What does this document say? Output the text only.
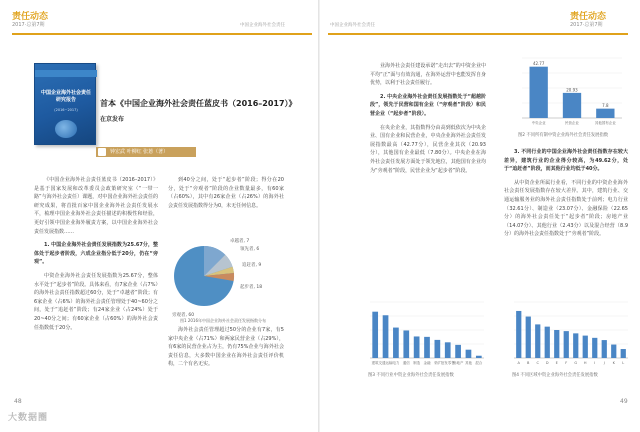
责任动态
2017·总第7期	中国企业海外社会责任
中国企业海外社会责任 研究报告
(2016~2017)
首本《中国企业海外社会责任蓝皮书（2016–2017）》
在京发布
钟宏武 叶柳红 张蒽（著）

《中国企业海外社会责任蓝皮书（2016–2017）》是基于国家发展和改革委员会政策研究室（“一带一路”与海外社会责任）课题，对中国企业海外社会责任的研究成果，将首批百家中国企业海外社会责任发展水平，梳理中国企业海外社会责任描述的积极性和经验，更好引领中国企业海外履责方案，以中国企业海外社会责任发展指数……

1. 中国企业海外社会责任发展指数为25.67分，整体处于起步者阶段，六成企业指分低于20分，仍在“旁观”。

中资企业海外社会责任发展指数为25.67分，整体水平处于“起步者”阶段。具体来看，有7家企业（占7%）的海外社会责任指数超过60分，处于“卓越者”阶段；有6家企业（占6%）的海外社会责任管理处于40~60分之间，处于“追赶者”阶段；有24家企业（占24%）处于20~40分之间；有60家企业（占60%）的海外社会责任指数低于20分。

到40分之间，处于“起步者”阶段；得分在20分，处于“旁观者”阶段的企业数量最多，有60家（占60%），其中有26家企业（占26%）的海外社会责任发展指数得分为0，未无任何信息。

卓越者, 7
领先者, 6
追赶者, 9
起步者, 18
旁观者, 60
图1 2016年中国企业海外社会责任发展指数分布

海外社会责任管理超过50分的企业有7家，有5家中央企业（占71%）和两家民营企业（占29%），有6家的民营企业占为主，仍有75%企业与海外社会责任信息，大多数中国企业在海外社会责任评价机构，二个有名无实。

48
大数据圈
中国企业海外社会责任
责任动态
2017·总第7期

业海外社会责任建设承诺“走出去”的中资企业中平均“正”面与有效沟通，在海外运营中也能发挥自身优势，以利于社会责任履行。

2. 中央企业海外社会责任发展指数处于“超越阶段”，领先于民营和国有企业（“旁观者”阶段）和民营企业（“起步者”阶段）。

在央企企业，其指数得分由高到低依次为中央企业、国有企业和民营企业，中央企业海外社会责任发展指数最高（42.77分），民营企业其次（20.93分），其他国有企业最低（7.80分）。中央企业在海外社会责任发展方面处于领先地位，其他国有企业均为“旁观者”阶段，民营企业为“起步者”阶段。

42.77
中央企业
20.93
民营企业
7.8
其他国有企业
图2 不同所有制中资企业海外社会责任发展指数

3. 不同行业的中国企业海外社会责任指数存在较大差异，建筑行业的企业得分较高，为49.62分，处于“追赶者”阶段，而其他行业均低于40分。

从中资企业所属行业看，不同行业的中资企业海外社会责任发展指数存在较大差异。其中，建筑行业、交通运输服务业的海外社会责任指数处于前列；电力行业（32.61分）、制造业（23.07分）、金融保险（22.65分）的海外社会责任处于“起步者”阶段；房地产业（14.07分）、其他行业（2.43分）以及混合经营（8.9分）的海外社会责任指数处于“旁观者”阶段。

建筑 交通运输 电力 通信 制造 金融 采矿 批发零售
房地产 其他 混合
图3 不同行业中资企业海外社会责任发展指数
A B C D E F G H I J K L
图4 不同区域中资企业海外社会责任发展指数
49
